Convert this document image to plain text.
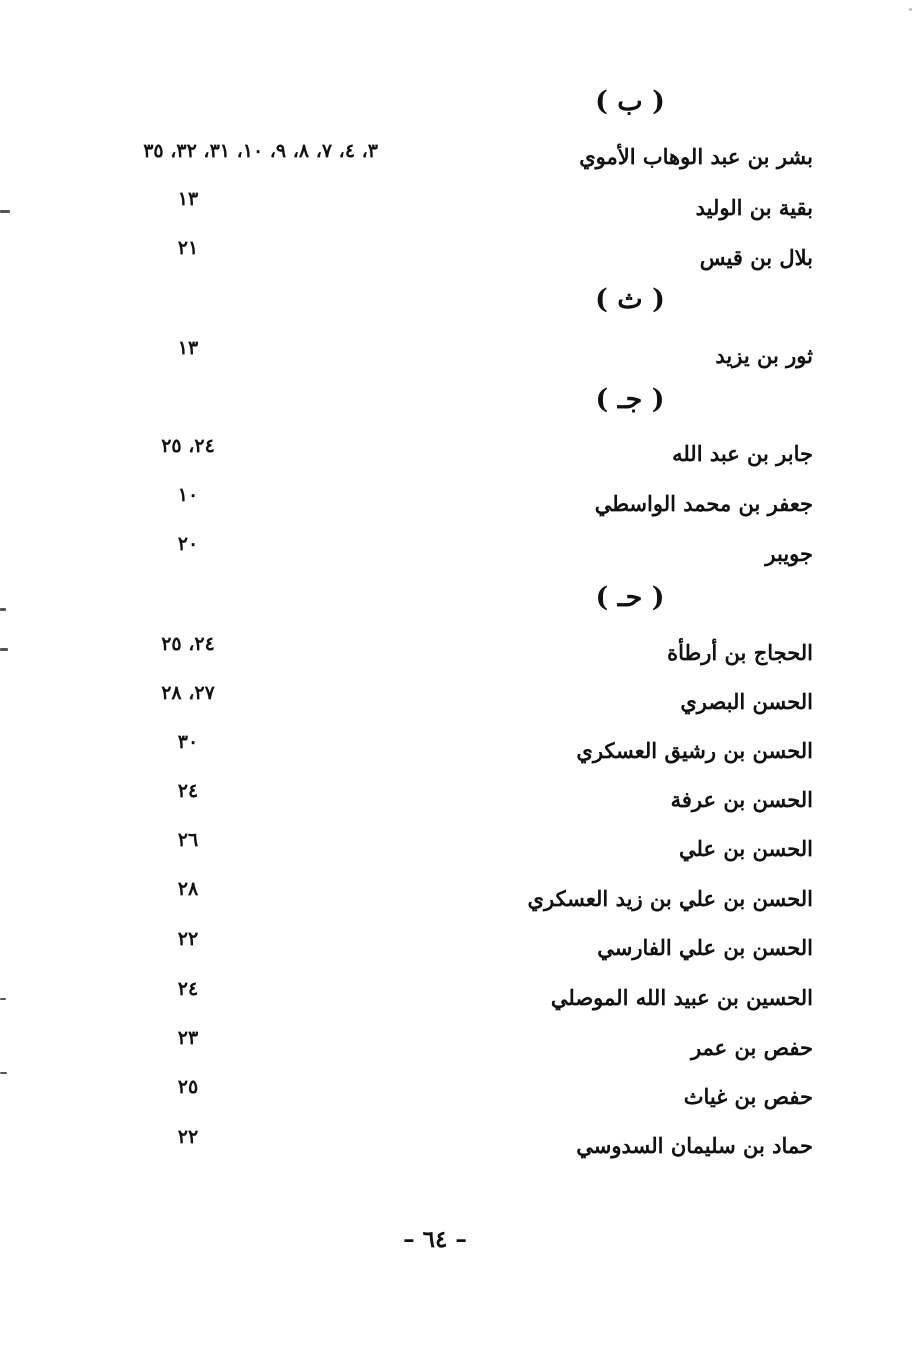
( ب )
بشر بن عبد الوهاب الأموي
٣، ٤، ٧، ٨، ٩، ١٠، ٣١، ٣٢، ٣٥
بقية بن الوليد
١٣
بلال بن قيس
٢١
( ث )
ثور بن يزيد
١٣
( جـ )
جابر بن عبد الله
٢٤، ٢٥
جعفر بن محمد الواسطي
١٠
جويبر
٢٠
( حـ )
الحجاج بن أرطأة
٢٤، ٢٥
الحسن البصري
٢٧، ٢٨
الحسن بن رشيق العسكري
٣٠
الحسن بن عرفة
٢٤
الحسن بن علي
٢٦
الحسن بن علي بن زيد العسكري
٢٨
الحسن بن علي الفارسي
٢٢
الحسين بن عبيد الله الموصلي
٢٤
حفص بن عمر
٢٣
حفص بن غياث
٢٥
حماد بن سليمان السدوسي
٢٢
– ٦٤ –
